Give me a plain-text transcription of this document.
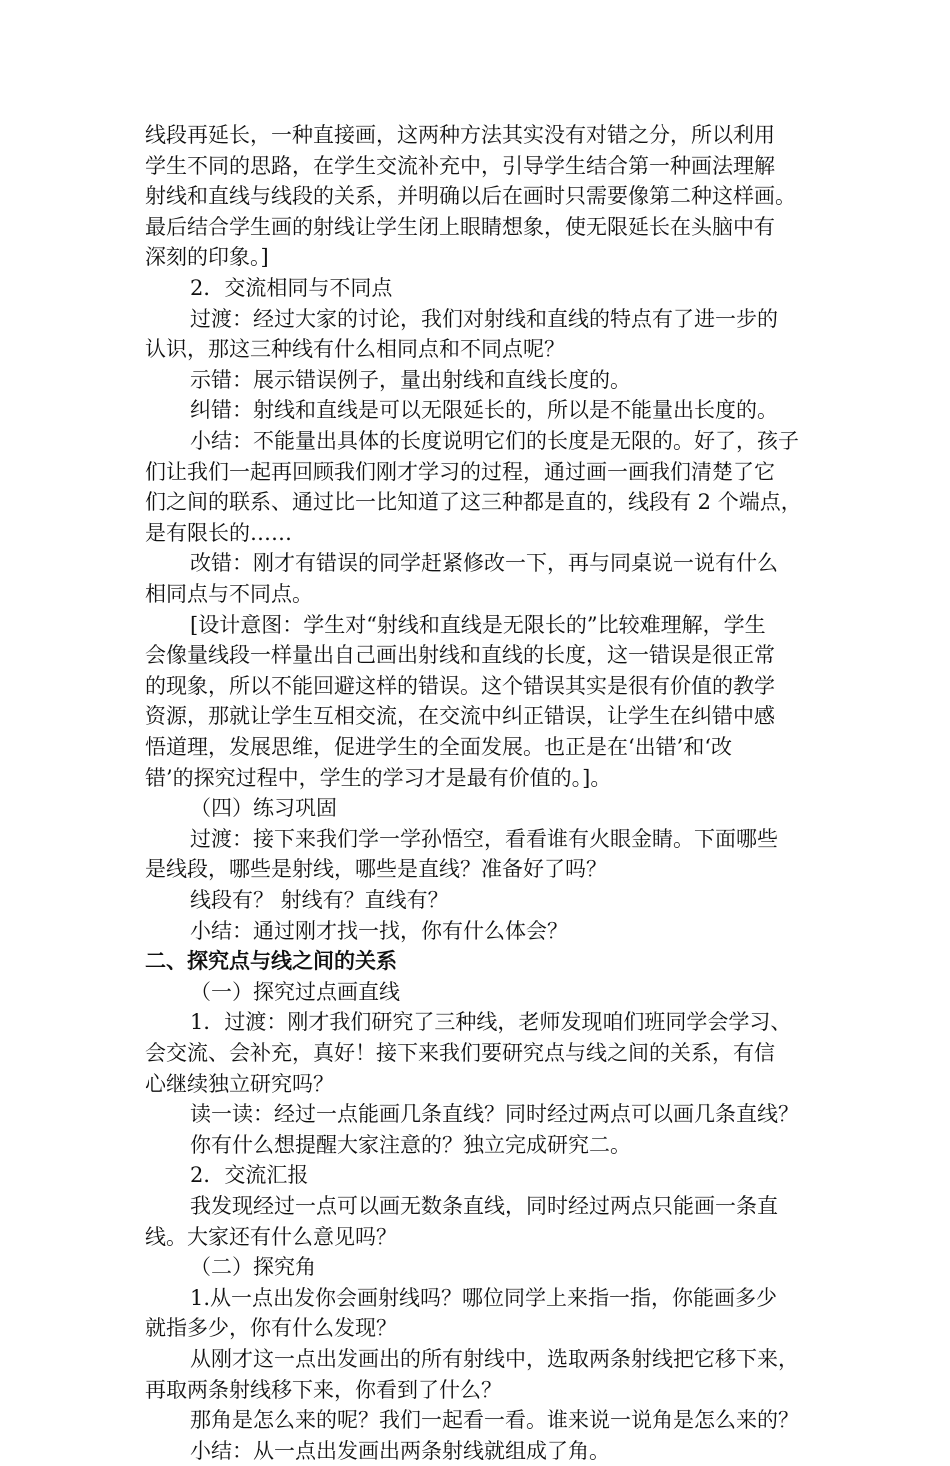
线段再延长，一种直接画，这两种方法其实没有对错之分，所以利用
学生不同的思路，在学生交流补充中，引导学生结合第一种画法理解
射线和直线与线段的关系，并明确以后在画时只需要像第二种这样画。
最后结合学生画的射线让学生闭上眼睛想象，使无限延长在头脑中有
深刻的印象。]
2．交流相同与不同点
过渡：经过大家的讨论，我们对射线和直线的特点有了进一步的
认识，那这三种线有什么相同点和不同点呢？
示错：展示错误例子，量出射线和直线长度的。
纠错：射线和直线是可以无限延长的，所以是不能量出长度的。
小结：不能量出具体的长度说明它们的长度是无限的。好了，孩子
们让我们一起再回顾我们刚才学习的过程，通过画一画我们清楚了它
们之间的联系、通过比一比知道了这三种都是直的，线段有 2 个端点，
是有限长的……
改错：刚才有错误的同学赶紧修改一下，再与同桌说一说有什么
相同点与不同点。
[设计意图：学生对“射线和直线是无限长的”比较难理解，学生
会像量线段一样量出自己画出射线和直线的长度，这一错误是很正常
的现象，所以不能回避这样的错误。这个错误其实是很有价值的教学
资源，那就让学生互相交流，在交流中纠正错误，让学生在纠错中感
悟道理，发展思维，促进学生的全面发展。也正是在‘出错’和‘改
错’的探究过程中，学生的学习才是最有价值的。]。
（四）练习巩固
过渡：接下来我们学一学孙悟空，看看谁有火眼金睛。下面哪些
是线段，哪些是射线，哪些是直线？准备好了吗？
线段有？ 射线有？直线有？
小结：通过刚才找一找，你有什么体会？
二、探究点与线之间的关系
（一）探究过点画直线
1．过渡：刚才我们研究了三种线，老师发现咱们班同学会学习、
会交流、会补充，真好！接下来我们要研究点与线之间的关系，有信
心继续独立研究吗？
读一读：经过一点能画几条直线？同时经过两点可以画几条直线？
你有什么想提醒大家注意的？独立完成研究二。
2．交流汇报
我发现经过一点可以画无数条直线，同时经过两点只能画一条直
线。大家还有什么意见吗？
（二）探究角
1.从一点出发你会画射线吗？哪位同学上来指一指，你能画多少
就指多少，你有什么发现？
从刚才这一点出发画出的所有射线中，选取两条射线把它移下来，
再取两条射线移下来，你看到了什么？
那角是怎么来的呢？我们一起看一看。谁来说一说角是怎么来的？
小结：从一点出发画出两条射线就组成了角。
